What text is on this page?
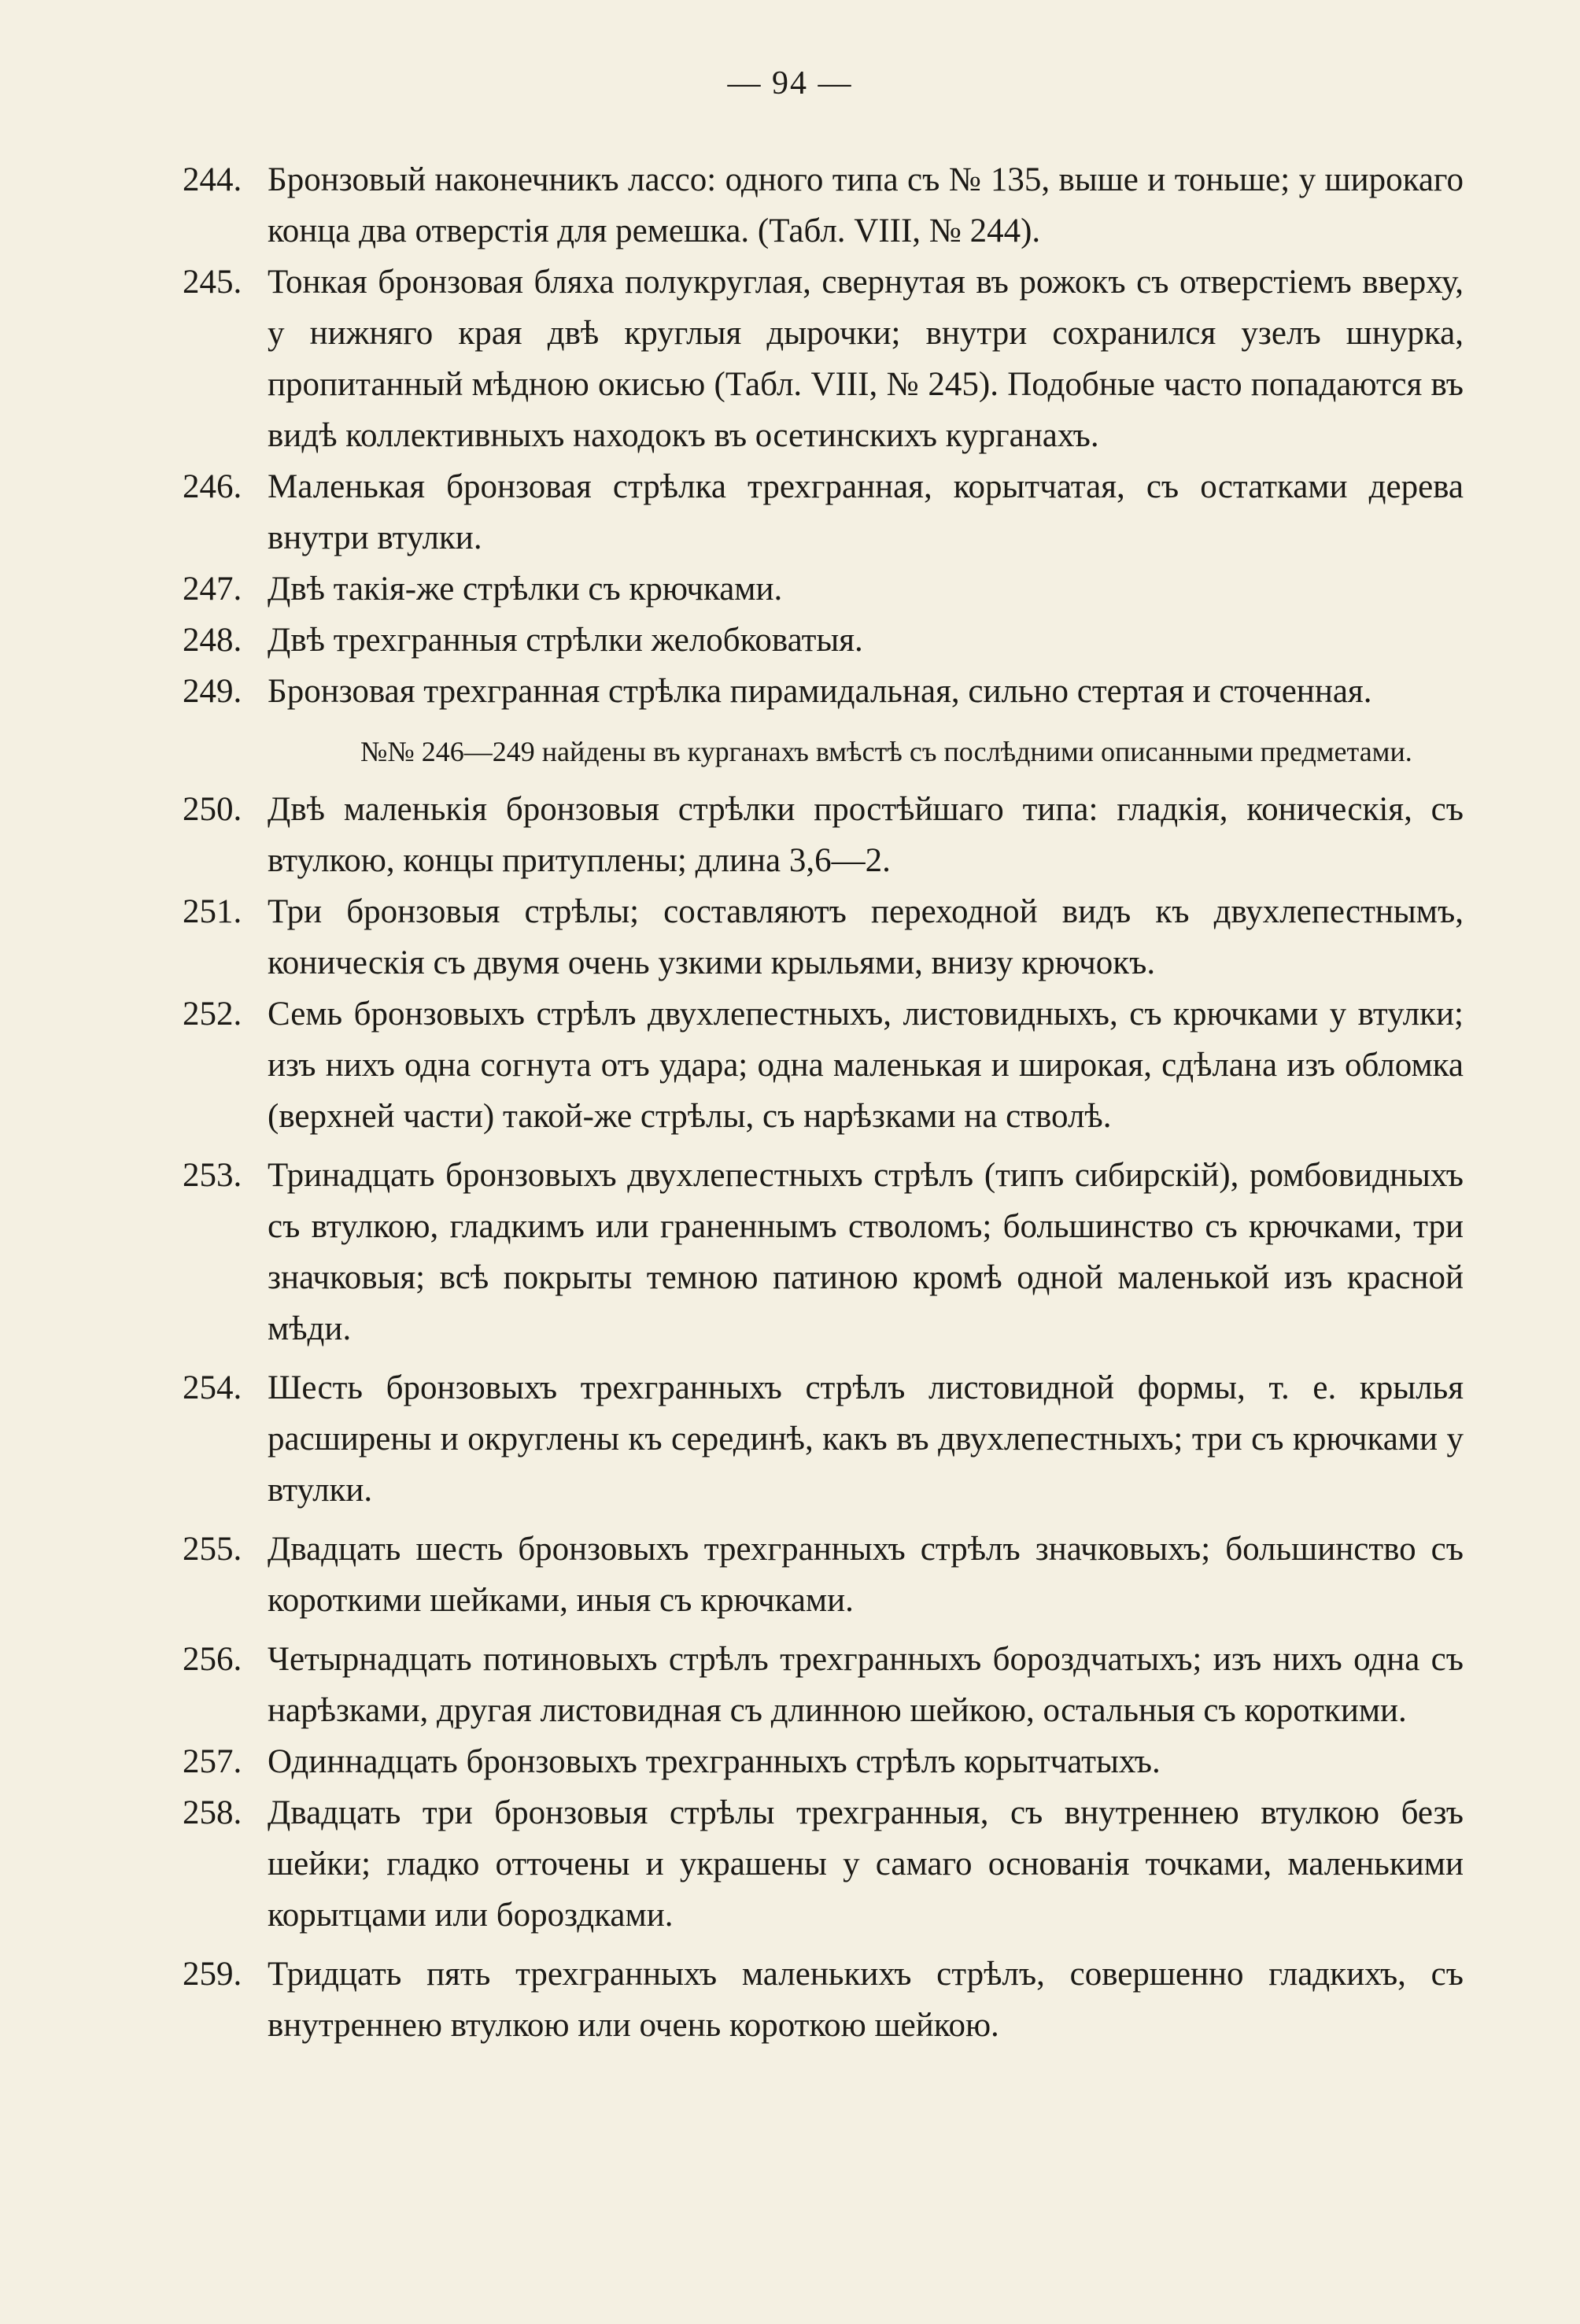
— 94 —
244. Бронзовый наконечникъ лассо: одного типа съ № 135, выше и тоньше; у широкаго конца два отверстія для ремешка. (Табл. VIII, № 244).
245. Тонкая бронзовая бляха полукруглая, свернутая въ рожокъ съ отверстіемъ вверху, у нижняго края двѣ круглыя дырочки; внутри сохранился узелъ шнурка, пропитанный мѣдною окисью (Табл. VIII, № 245). Подобные часто попадаются въ видѣ коллективныхъ находокъ въ осетинскихъ курганахъ.
246. Маленькая бронзовая стрѣлка трехгранная, корытчатая, съ остатками дерева внутри втулки.
247. Двѣ такія-же стрѣлки съ крючками.
248. Двѣ трехгранныя стрѣлки желобковатыя.
249. Бронзовая трехгранная стрѣлка пирамидальная, сильно стертая и сточенная.
№№ 246—249 найдены въ курганахъ вмѣстѣ съ послѣдними описанными предметами.
250. Двѣ маленькія бронзовыя стрѣлки простѣйшаго типа: гладкія, коническія, съ втулкою, концы притуплены; длина 3,6—2.
251. Три бронзовыя стрѣлы; составляютъ переходной видъ къ двухлепестнымъ, коническія съ двумя очень узкими крыльями, внизу крючокъ.
252. Семь бронзовыхъ стрѣлъ двухлепестныхъ, листовидныхъ, съ крючками у втулки; изъ нихъ одна согнута отъ удара; одна маленькая и широкая, сдѣлана изъ обломка (верхней части) такой-же стрѣлы, съ нарѣзками на стволѣ.
253. Тринадцать бронзовыхъ двухлепестныхъ стрѣлъ (типъ сибирскій), ромбовидныхъ съ втулкою, гладкимъ или граненнымъ стволомъ; большинство съ крючками, три значковыя; всѣ покрыты темною патиною кромѣ одной маленькой изъ красной мѣди.
254. Шесть бронзовыхъ трехгранныхъ стрѣлъ листовидной формы, т. е. крылья расширены и округлены къ серединѣ, какъ въ двухлепестныхъ; три съ крючками у втулки.
255. Двадцать шесть бронзовыхъ трехгранныхъ стрѣлъ значковыхъ; большинство съ короткими шейками, иныя съ крючками.
256. Четырнадцать потиновыхъ стрѣлъ трехгранныхъ бороздчатыхъ; изъ нихъ одна съ нарѣзками, другая листовидная съ длинною шейкою, остальныя съ короткими.
257. Одиннадцать бронзовыхъ трехгранныхъ стрѣлъ корытчатыхъ.
258. Двадцать три бронзовыя стрѣлы трехгранныя, съ внутреннею втулкою безъ шейки; гладко отточены и украшены у самаго основанія точками, маленькими корытцами или бороздками.
259. Тридцать пять трехгранныхъ маленькихъ стрѣлъ, совершенно гладкихъ, съ внутреннею втулкою или очень короткою шейкою.
